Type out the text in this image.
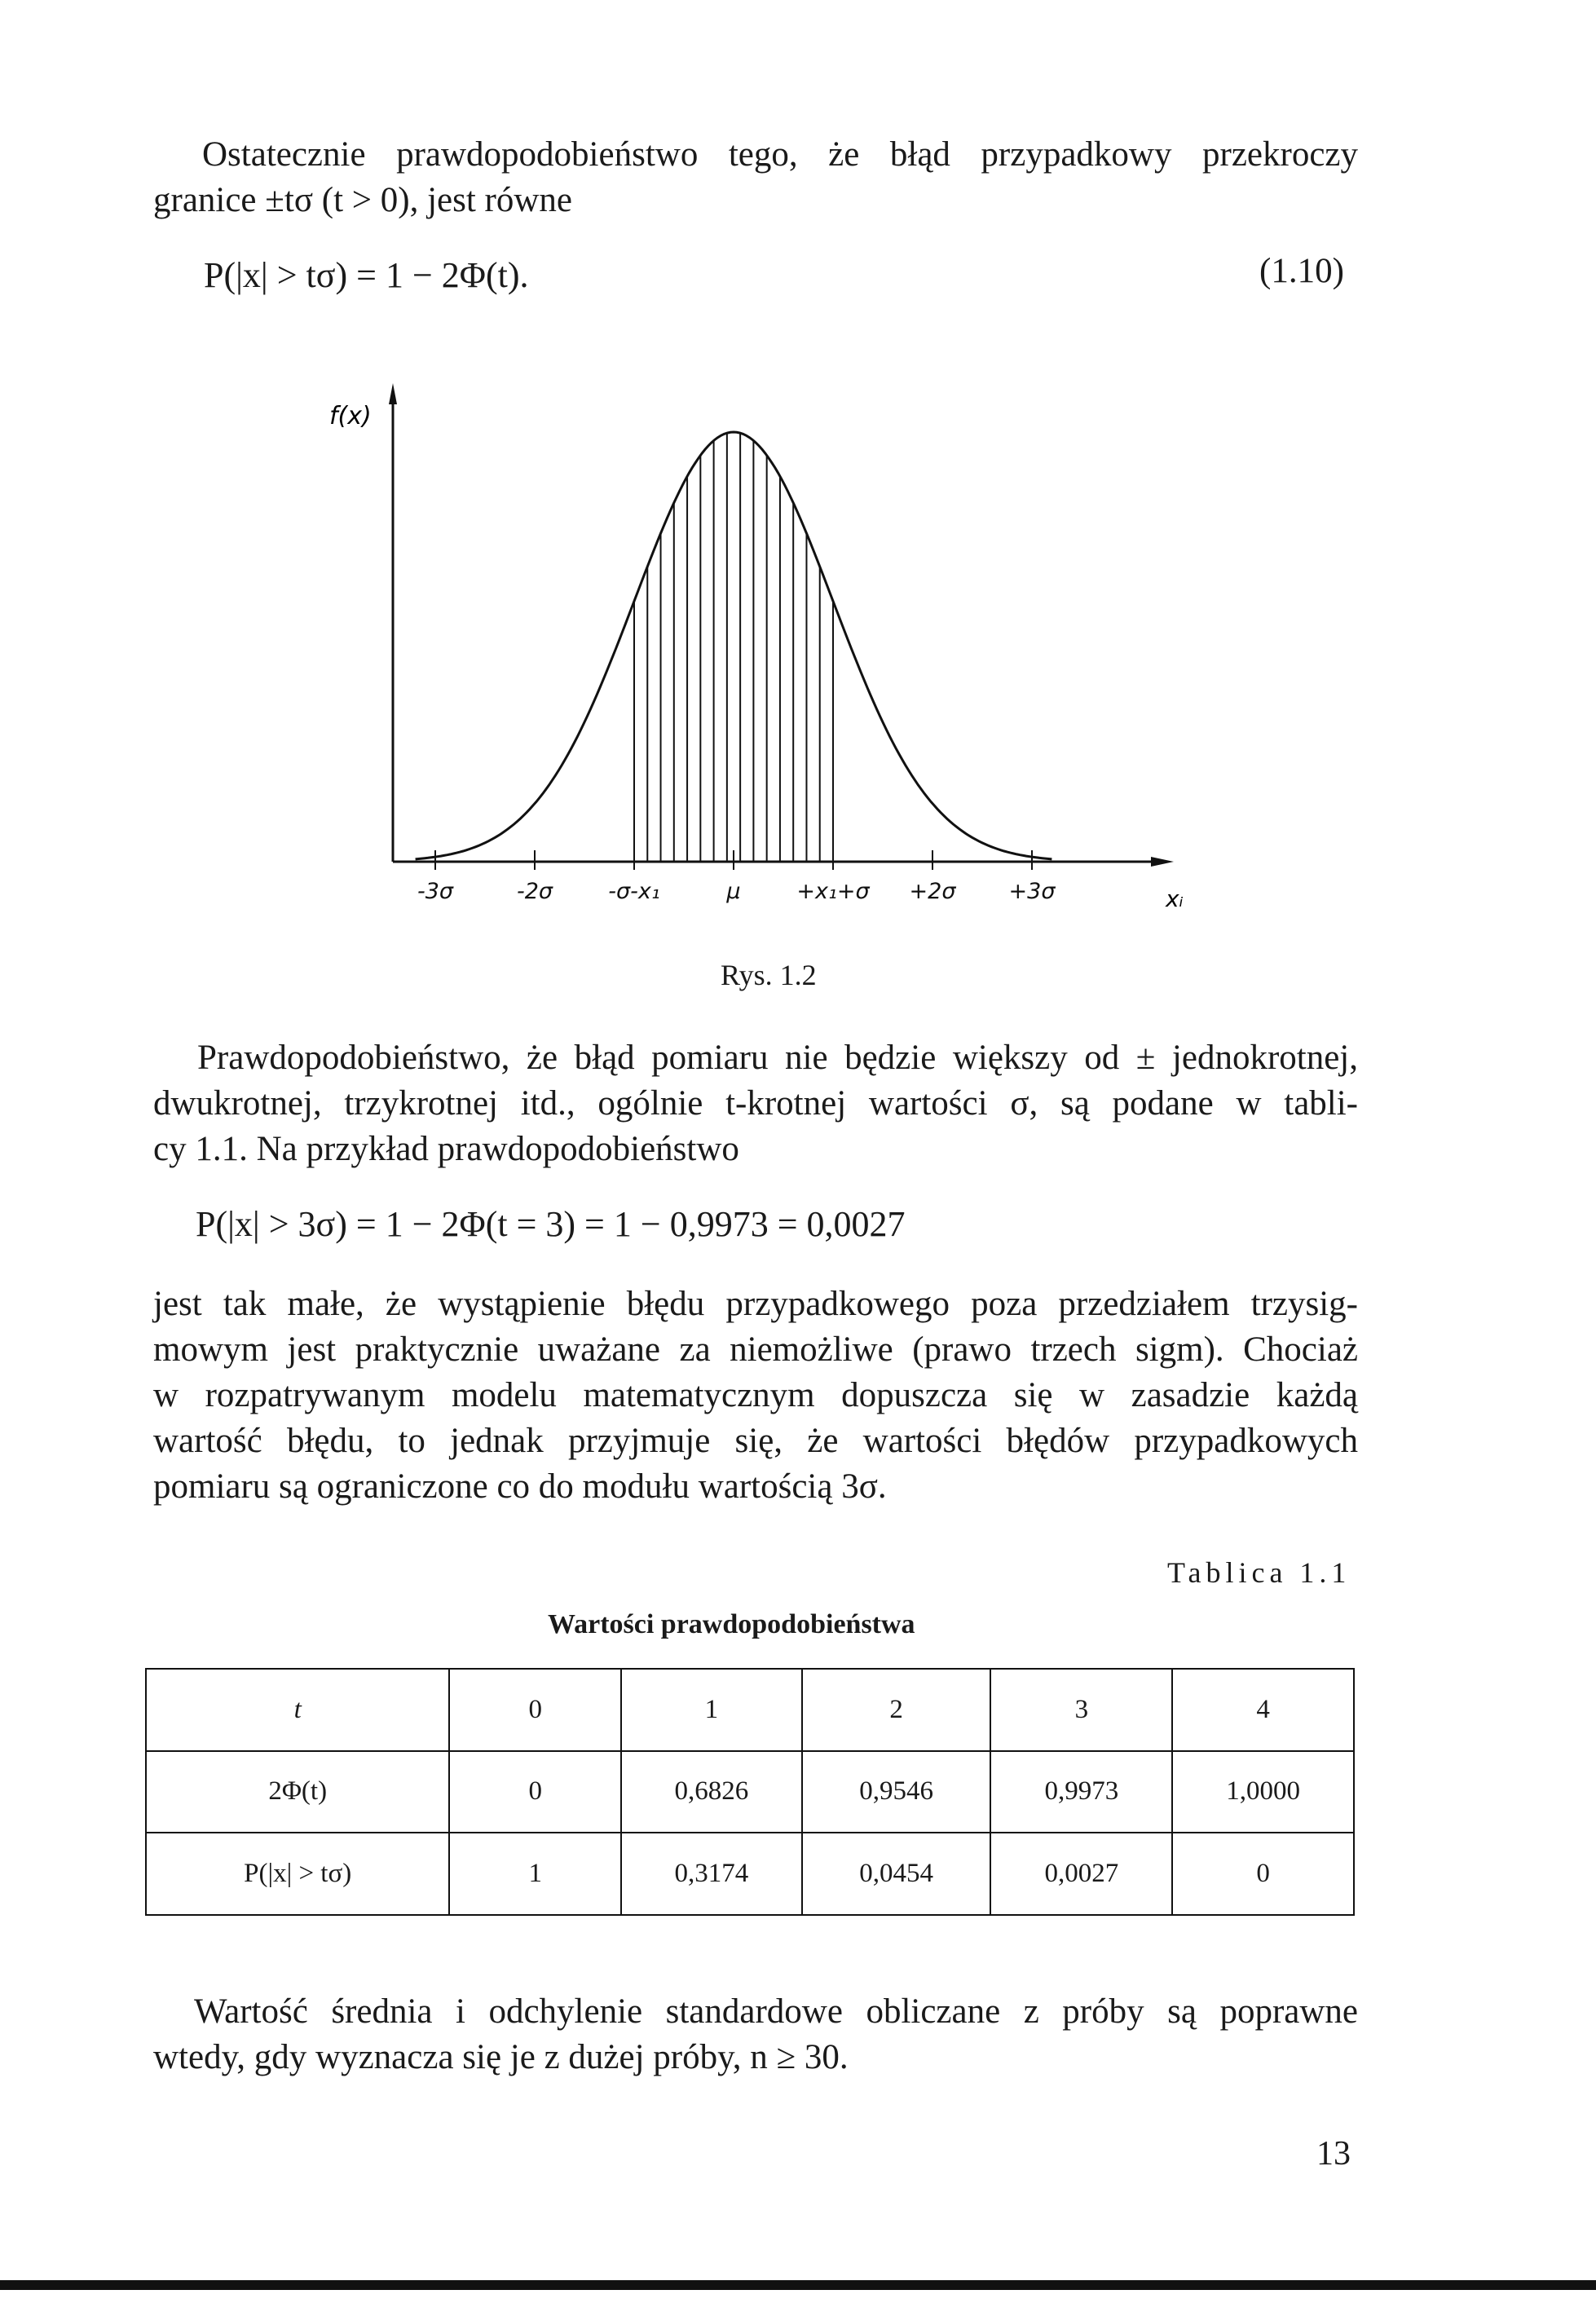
Ostatecznie prawdopodobieństwo tego, że błąd przypadkowy przekroczy
granice ±tσ (t > 0), jest równe
P(|x| > tσ) = 1 − 2Φ(t).	(1.10)
f(x)
xᵢ
-3σ	-2σ	-σ-x₁	μ	+x₁+σ +2σ +3σ
Rys. 1.2
Prawdopodobieństwo, że błąd pomiaru nie będzie większy od ± jednokrotnej,
dwukrotnej, trzykrotnej itd., ogólnie t-krotnej wartości σ, są podane w tabli-
cy 1.1. Na przykład prawdopodobieństwo
P(|x| > 3σ) = 1 − 2Φ(t = 3) = 1 − 0,9973 = 0,0027
jest tak małe, że wystąpienie błędu przypadkowego poza przedziałem trzysig-
mowym jest praktycznie uważane za niemożliwe (prawo trzech sigm). Chociaż
w rozpatrywanym modelu matematycznym dopuszcza się w zasadzie każdą
wartość błędu, to jednak przyjmuje się, że wartości błędów przypadkowych
pomiaru są ograniczone co do modułu wartością 3σ.
Tablica 1.1
Wartości prawdopodobieństwa
t	0	1	2	3	4
2Φ(t)	0	0,6826	0,9546	0,9973	1,0000
P(|x| > tσ)	1	0,3174	0,0454	0,0027	0
Wartość średnia i odchylenie standardowe obliczane z próby są poprawne
wtedy, gdy wyznacza się je z dużej próby, n ≥ 30.
13
